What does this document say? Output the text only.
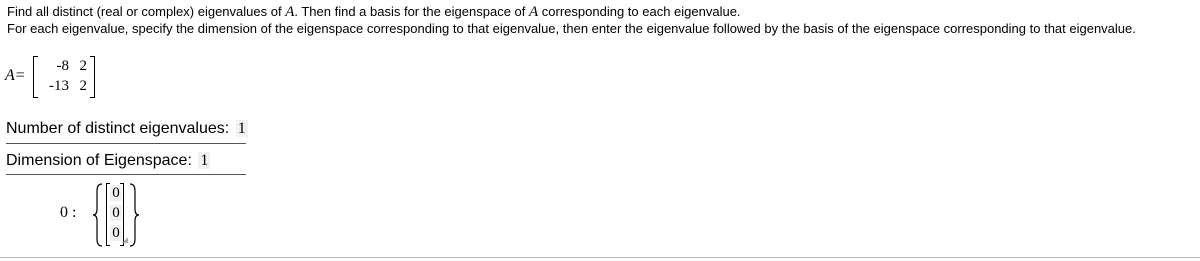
Find all distinct (real or complex) eigenvalues of A. Then find a basis for the eigenspace of A corresponding to each eigenvalue.
For each eigenvalue, specify the dimension of the eigenspace corresponding to that eigenvalue, then enter the eigenvalue followed by the basis of the eigenspace corresponding to that eigenvalue.
A=
-8 2
-13 2
Number of distinct eigenvalues: 1
Dimension of Eigenspace: 1
0 :
0
0
0
